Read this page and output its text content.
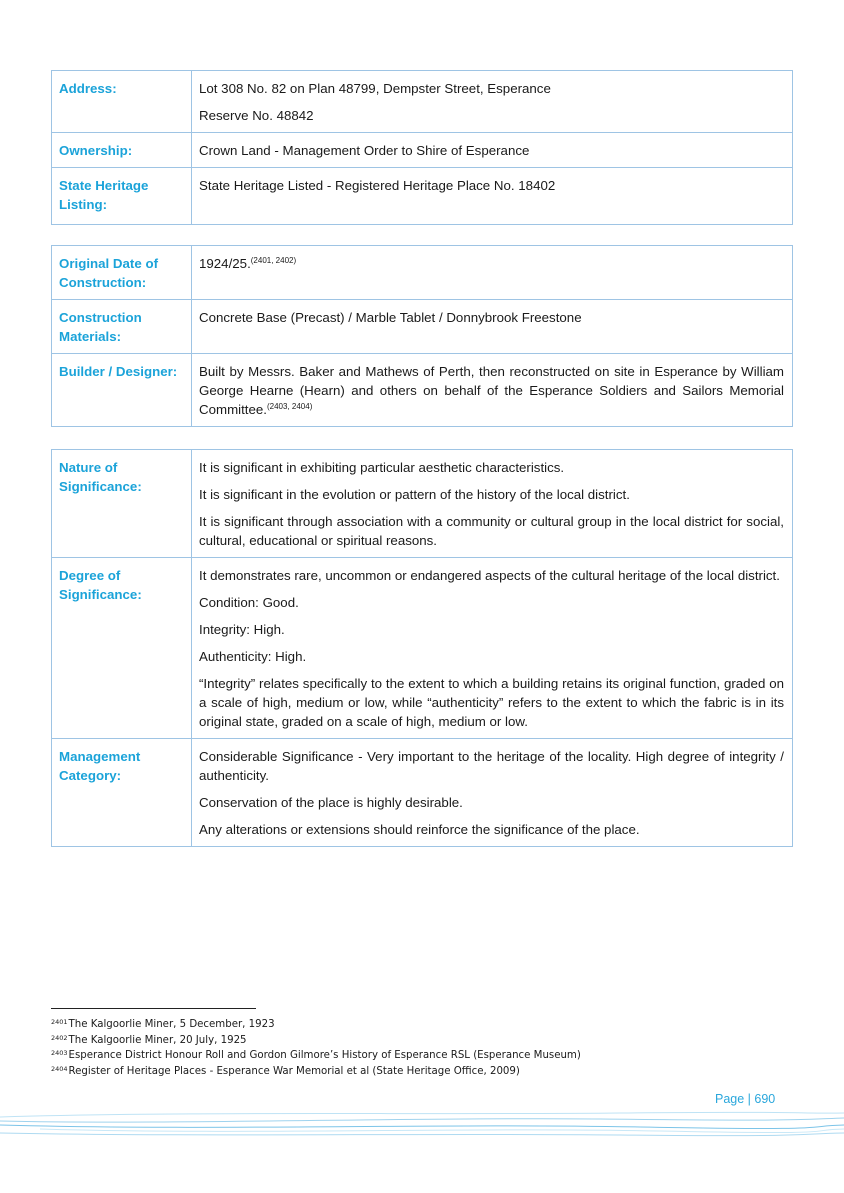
Address:	Lot 308 No. 82 on Plan 48799, Dempster Street, Esperance

Reserve No. 48842

Ownership:	Crown Land - Management Order to Shire of Esperance
State Heritage Listing:	State Heritage Listed - Registered Heritage Place No. 18402
Original Date of Construction:	1924/25.$^{(2401, 2402)}$
Construction Materials:	Concrete Base (Precast) / Marble Tablet / Donnybrook Freestone
Builder / Designer:	Built by Messrs. Baker and Mathews of Perth, then reconstructed on site in Esperance by William George Hearne (Hearn) and others on behalf of the Esperance Soldiers and Sailors Memorial Committee.$^{(2403, 2404)}$
Nature of Significance:	It is significant in exhibiting particular aesthetic characteristics.

It is significant in the evolution or pattern of the history of the local district.

It is significant through association with a community or cultural group in the local district for social, cultural, educational or spiritual reasons.

Degree of Significance:	It demonstrates rare, uncommon or endangered aspects of the cultural heritage of the local district.

Condition: Good.

Integrity: High.

Authenticity: High.

“Integrity” relates specifically to the extent to which a building retains its original function, graded on a scale of high, medium or low, while “authenticity” refers to the extent to which the fabric is in its original state, graded on a scale of high, medium or low.

Management Category:	Considerable Significance - Very important to the heritage of the locality. High degree of integrity / authenticity.

Conservation of the place is highly desirable.

Any alterations or extensions should reinforce the significance of the place.

$^{2401}$The Kalgoorlie Miner, 5 December, 1923
$^{2402}$The Kalgoorlie Miner, 20 July, 1925
$^{2403}$Esperance District Honour Roll and Gordon Gilmore’s History of Esperance RSL (Esperance Museum)
$^{2404}$Register of Heritage Places - Esperance War Memorial et al (State Heritage Office, 2009)
Page | 690
